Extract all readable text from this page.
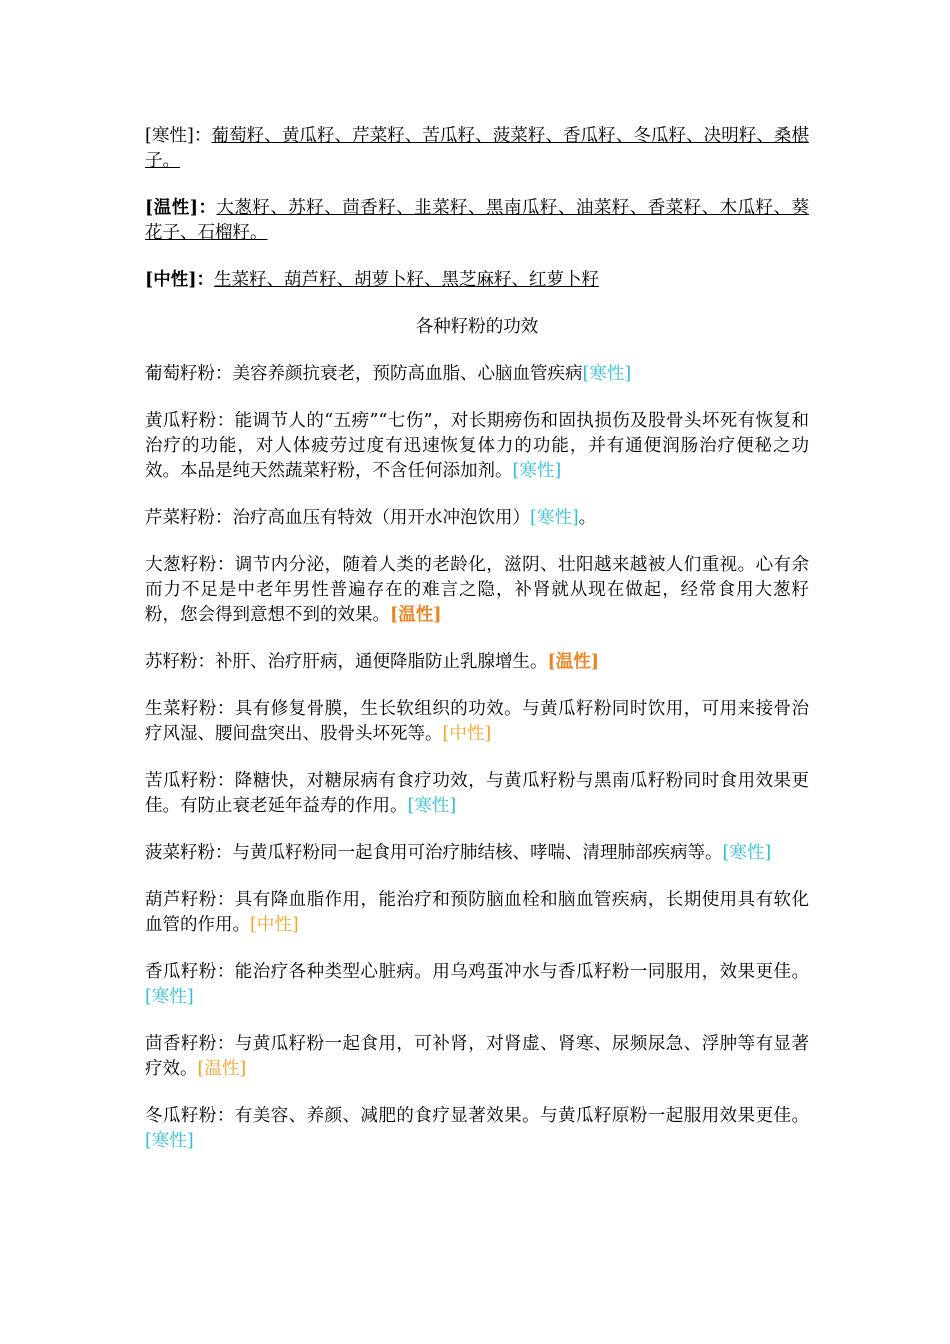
[寒性]：葡萄籽、黄瓜籽、芹菜籽、苦瓜籽、菠菜籽、香瓜籽、冬瓜籽、决明籽、桑椹子。

[温性]：大葱籽、苏籽、茴香籽、韭菜籽、黑南瓜籽、油菜籽、香菜籽、木瓜籽、葵花子、石榴籽。

[中性]：生菜籽、葫芦籽、胡萝卜籽、黑芝麻籽、红萝卜籽

各种籽粉的功效

葡萄籽粉：美容养颜抗衰老，预防高血脂、心脑血管疾病[寒性]

黄瓜籽粉：能调节人的“五痨”“七伤”，对长期痨伤和固执损伤及股骨头坏死有恢复和治疗的功能，对人体疲劳过度有迅速恢复体力的功能，并有通便润肠治疗便秘之功效。本品是纯天然蔬菜籽粉，不含任何添加剂。[寒性]

芹菜籽粉：治疗高血压有特效（用开水冲泡饮用）[寒性]。

大葱籽粉：调节内分泌，随着人类的老龄化，滋阴、壮阳越来越被人们重视。心有余而力不足是中老年男性普遍存在的难言之隐，补肾就从现在做起，经常食用大葱籽粉，您会得到意想不到的效果。[温性]

苏籽粉：补肝、治疗肝病，通便降脂防止乳腺增生。[温性]

生菜籽粉：具有修复骨膜，生长软组织的功效。与黄瓜籽粉同时饮用，可用来接骨治疗风湿、腰间盘突出、股骨头坏死等。[中性]

苦瓜籽粉：降糖快，对糖尿病有食疗功效，与黄瓜籽粉与黑南瓜籽粉同时食用效果更佳。有防止衰老延年益寿的作用。[寒性]

菠菜籽粉：与黄瓜籽粉同一起食用可治疗肺结核、哮喘、清理肺部疾病等。[寒性]

葫芦籽粉：具有降血脂作用，能治疗和预防脑血栓和脑血管疾病，长期使用具有软化血管的作用。[中性]

香瓜籽粉：能治疗各种类型心脏病。用乌鸡蛋冲水与香瓜籽粉一同服用，效果更佳。[寒性]

茴香籽粉：与黄瓜籽粉一起食用，可补肾，对肾虚、肾寒、尿频尿急、浮肿等有显著疗效。[温性]

冬瓜籽粉：有美容、养颜、减肥的食疗显著效果。与黄瓜籽原粉一起服用效果更佳。[寒性]
